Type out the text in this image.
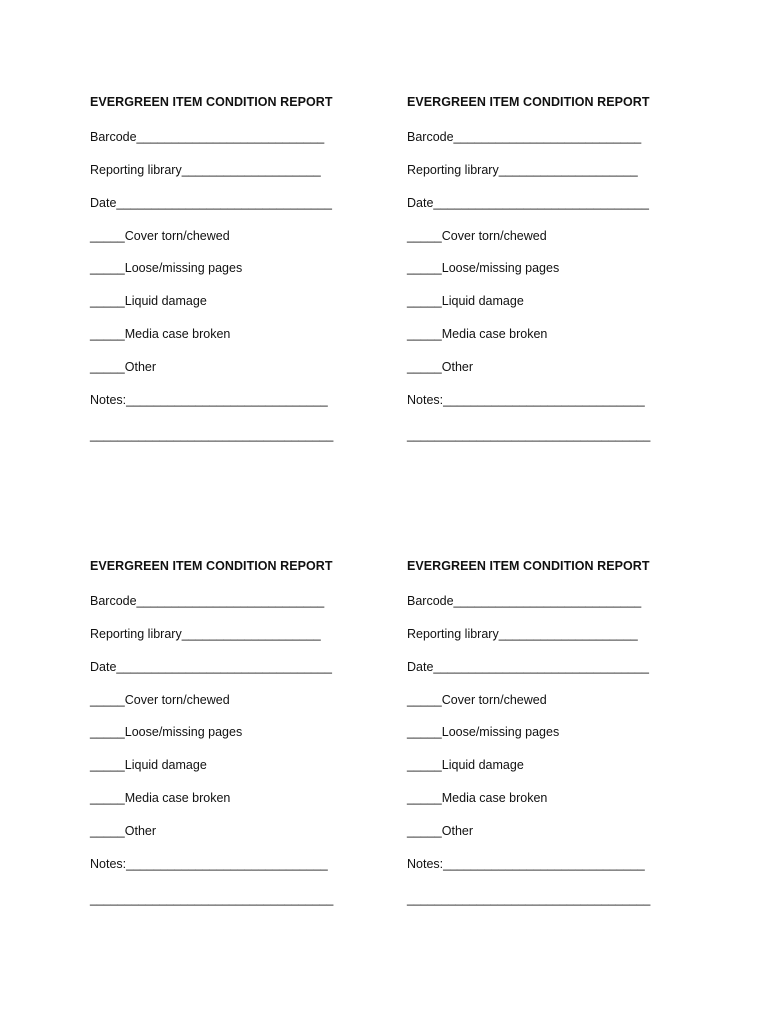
EVERGREEN ITEM CONDITION REPORT
Barcode___________________________
Reporting library____________________
Date_______________________________
_____Cover torn/chewed
_____Loose/missing pages
_____Liquid damage
_____Media case broken
_____Other
Notes:_____________________________
___________________________________
EVERGREEN ITEM CONDITION REPORT
Barcode___________________________
Reporting library____________________
Date_______________________________
_____Cover torn/chewed
_____Loose/missing pages
_____Liquid damage
_____Media case broken
_____Other
Notes:_____________________________
___________________________________
EVERGREEN ITEM CONDITION REPORT
Barcode___________________________
Reporting library____________________
Date_______________________________
_____Cover torn/chewed
_____Loose/missing pages
_____Liquid damage
_____Media case broken
_____Other
Notes:_____________________________
___________________________________
EVERGREEN ITEM CONDITION REPORT
Barcode___________________________
Reporting library____________________
Date_______________________________
_____Cover torn/chewed
_____Loose/missing pages
_____Liquid damage
_____Media case broken
_____Other
Notes:_____________________________
___________________________________
